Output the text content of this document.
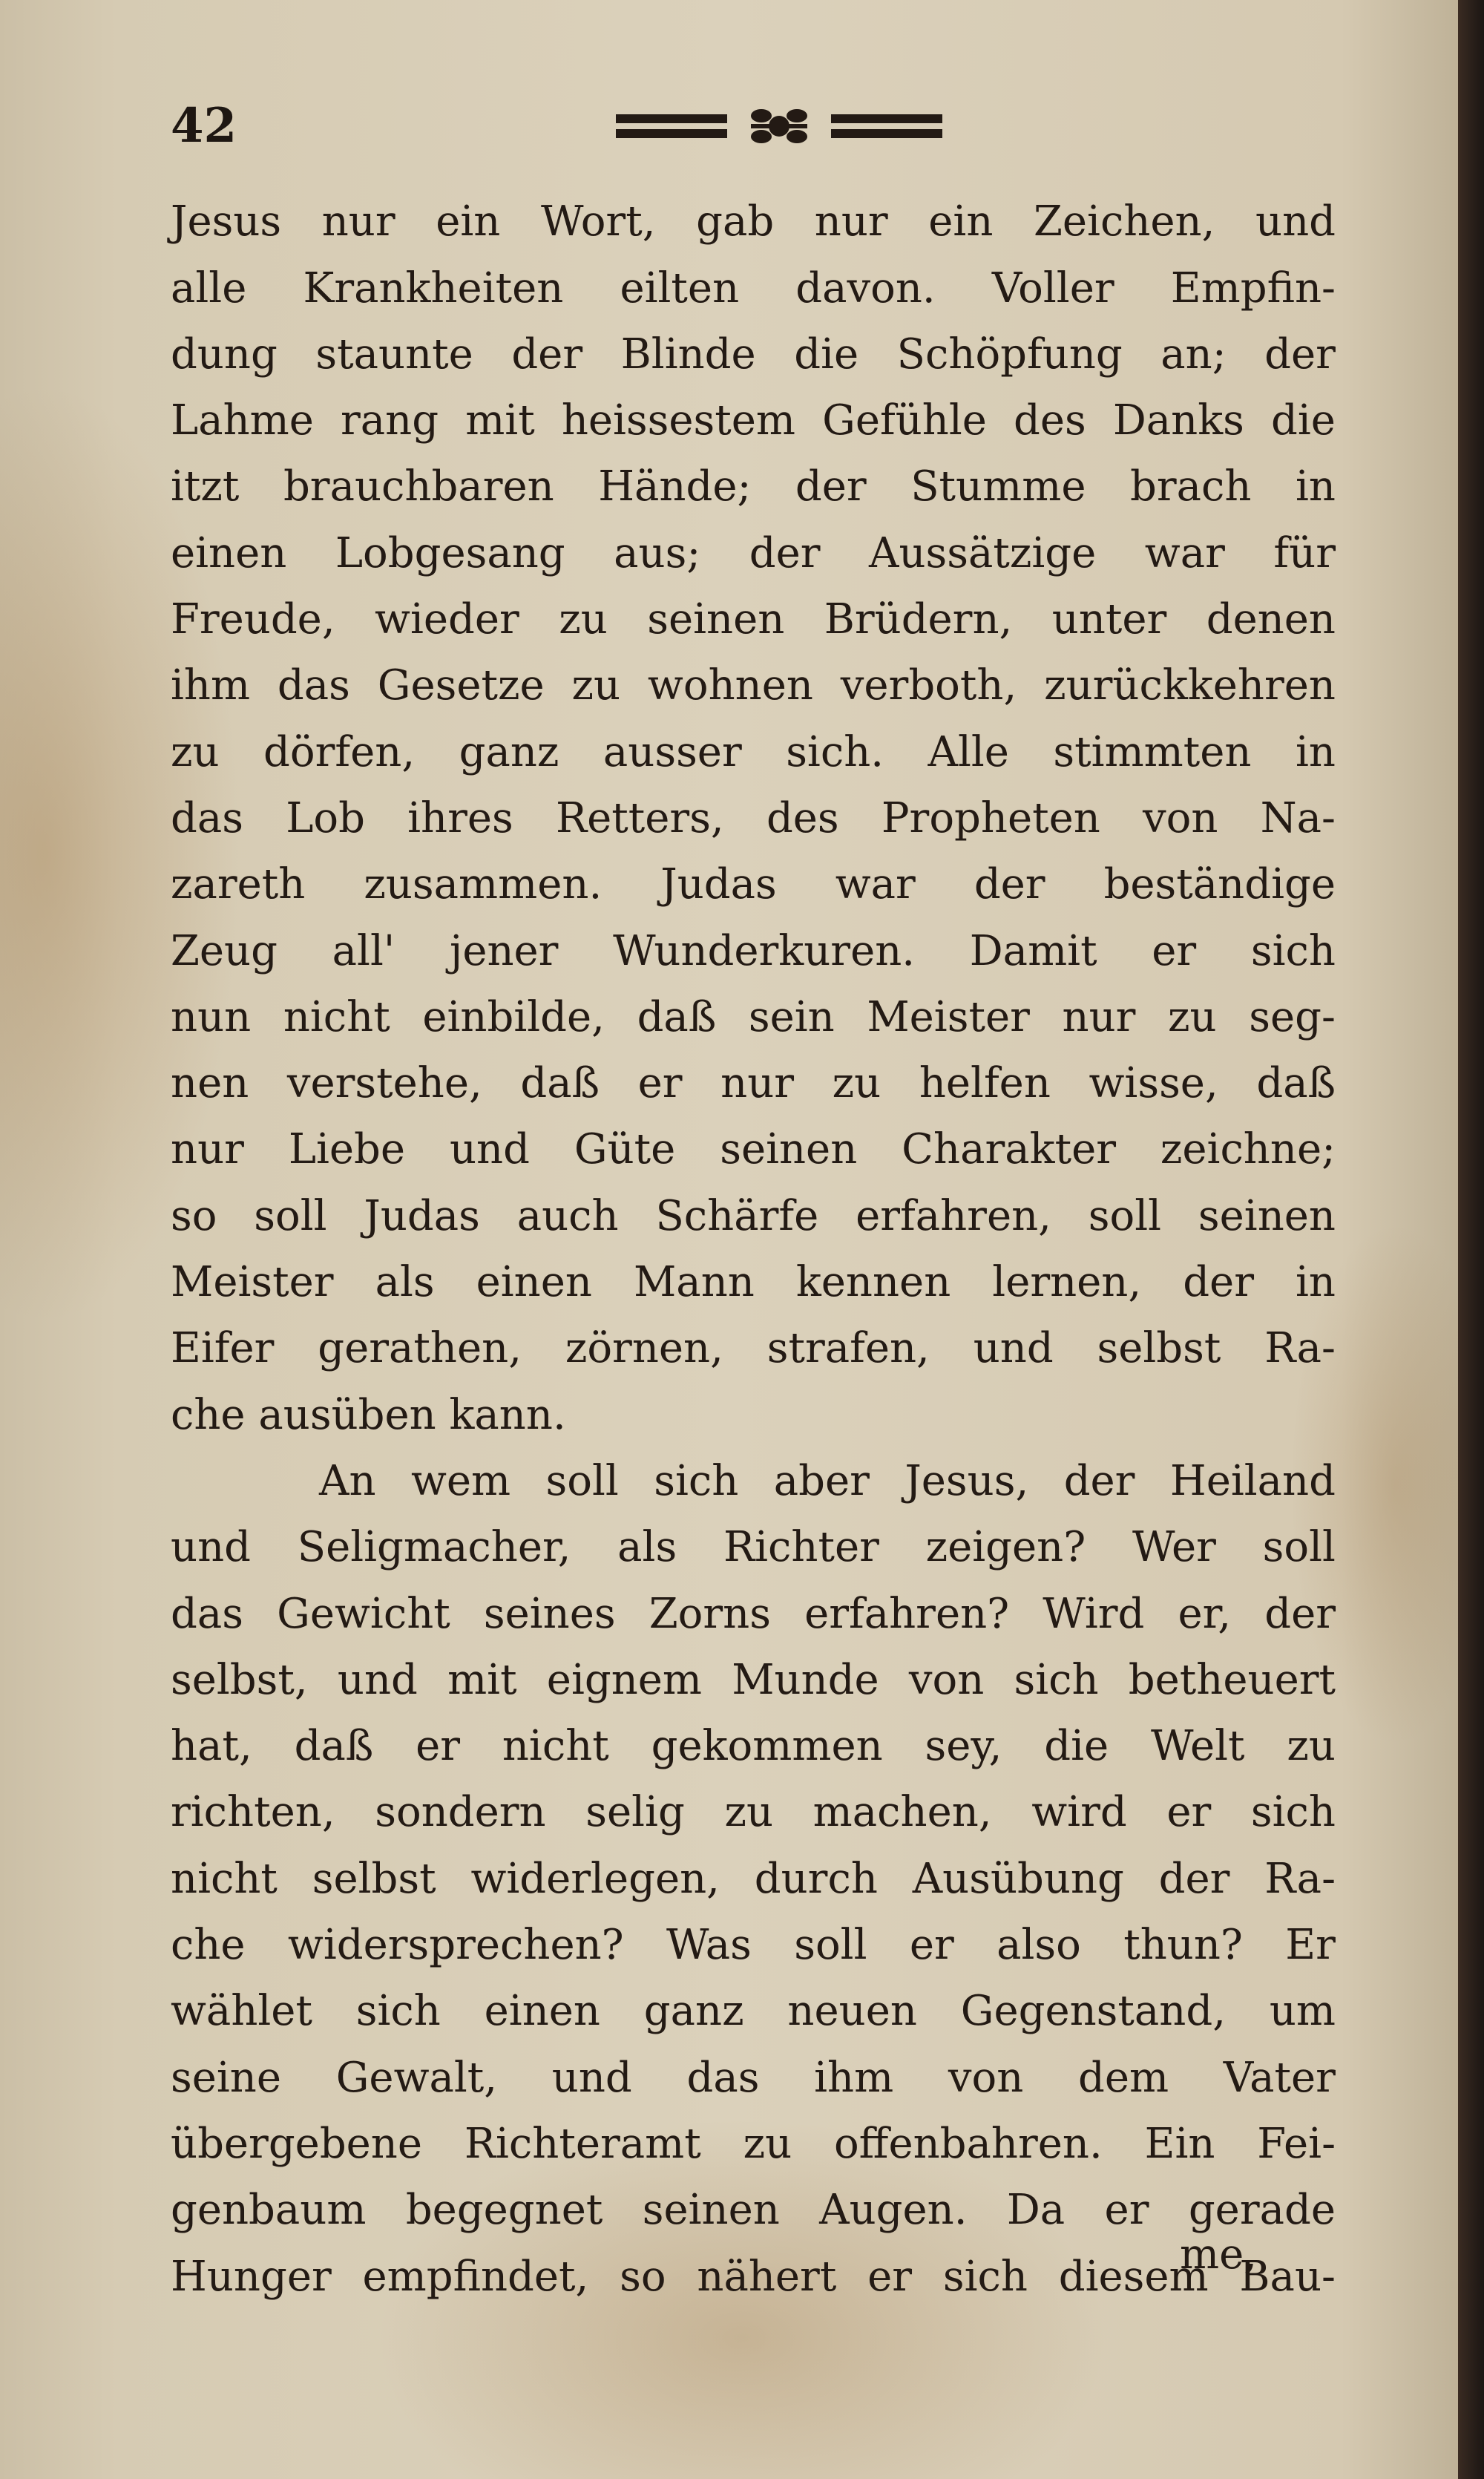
42
Jesus nur ein Wort, gab nur ein Zeichen, und
alle Krankheiten eilten davon. Voller Empfin-
dung staunte der Blinde die Schöpfung an; der
Lahme rang mit heissestem Gefühle des Danks die
itzt brauchbaren Hände; der Stumme brach in
einen Lobgesang aus; der Aussätzige war für
Freude, wieder zu seinen Brüdern, unter denen
ihm das Gesetze zu wohnen verboth, zurückkehren
zu dörfen, ganz ausser sich. Alle stimmten in
das Lob ihres Retters, des Propheten von Na-
zareth zusammen. Judas war der beständige
Zeug all' jener Wunderkuren. Damit er sich
nun nicht einbilde, daß sein Meister nur zu seg-
nen verstehe, daß er nur zu helfen wisse, daß
nur Liebe und Güte seinen Charakter zeichne;
so soll Judas auch Schärfe erfahren, soll seinen
Meister als einen Mann kennen lernen, der in
Eifer gerathen, zörnen, strafen, und selbst Ra-
che ausüben kann.
An wem soll sich aber Jesus, der Heiland
und Seligmacher, als Richter zeigen? Wer soll
das Gewicht seines Zorns erfahren? Wird er, der
selbst, und mit eignem Munde von sich betheuert
hat, daß er nicht gekommen sey, die Welt zu
richten, sondern selig zu machen, wird er sich
nicht selbst widerlegen, durch Ausübung der Ra-
che widersprechen? Was soll er also thun? Er
wählet sich einen ganz neuen Gegenstand, um
seine Gewalt, und das ihm von dem Vater
übergebene Richteramt zu offenbahren. Ein Fei-
genbaum begegnet seinen Augen. Da er gerade
Hunger empfindet, so nähert er sich diesem Bau-
me,
